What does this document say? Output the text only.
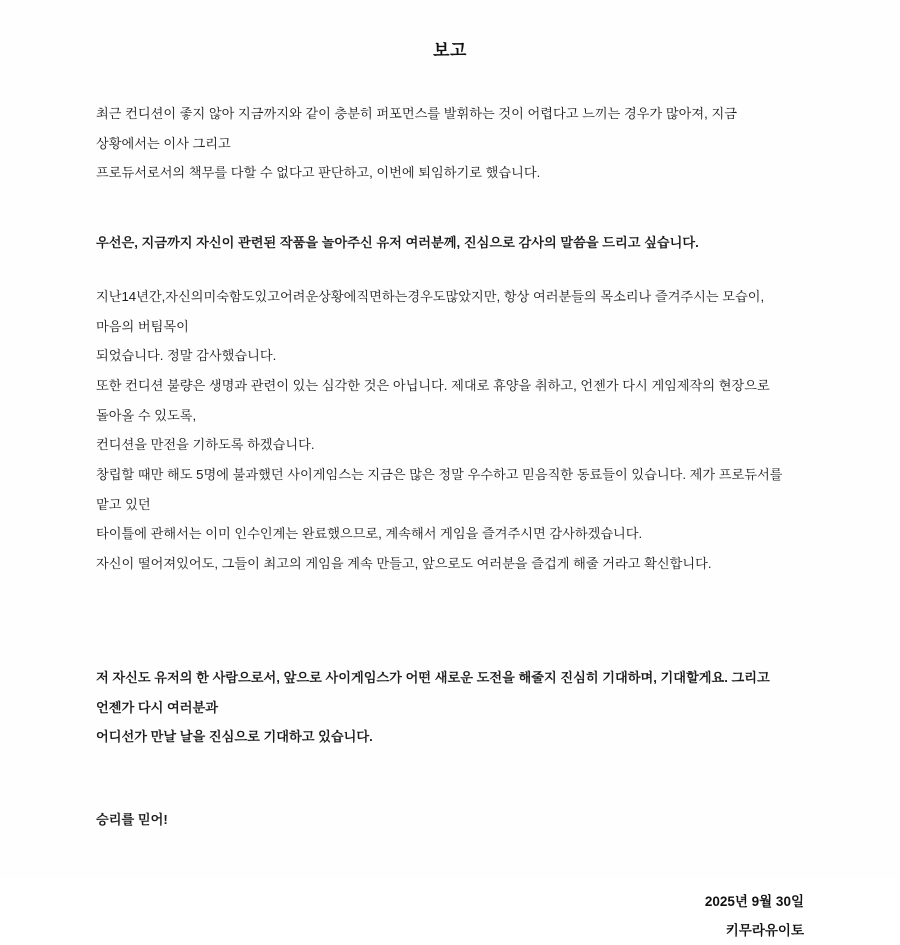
보고

최근 컨디션이 좋지 않아 지금까지와 같이 충분히 퍼포먼스를 발휘하는 것이 어렵다고 느끼는 경우가 많아져, 지금 상황에서는 이사 그리고

프로듀서로서의 책무를 다할 수 없다고 판단하고, 이번에 퇴임하기로 했습니다.

우선은, 지금까지 자신이 관련된 작품을 놀아주신 유저 여러분께, 진심으로 감사의 말씀을 드리고 싶습니다.

지난14년간,자신의미숙함도있고어려운상황에직면하는경우도많았지만, 항상 여러분들의 목소리나 즐겨주시는 모습이, 마음의 버팀목이

되었습니다. 정말 감사했습니다.

또한 컨디션 불량은 생명과 관련이 있는 심각한 것은 아닙니다. 제대로 휴양을 취하고, 언젠가 다시 게임제작의 현장으로 돌아올 수 있도록,

컨디션을 만전을 기하도록 하겠습니다.

창립할 때만 해도 5명에 불과했던 사이게임스는 지금은 많은 정말 우수하고 믿음직한 동료들이 있습니다. 제가 프로듀서를 맡고 있던

타이틀에 관해서는 이미 인수인계는 완료했으므로, 계속해서 게임을 즐겨주시면 감사하겠습니다.

자신이 떨어져있어도, 그들이 최고의 게임을 계속 만들고, 앞으로도 여러분을 즐겁게 해줄 거라고 확신합니다.

저 자신도 유저의 한 사람으로서, 앞으로 사이게임스가 어떤 새로운 도전을 해줄지 진심히 기대하며, 기대할게요. 그리고 언젠가 다시 여러분과

어디선가 만날 날을 진심으로 기대하고 있습니다.

승리를 믿어!

2025년 9월 30일
키무라유이토
